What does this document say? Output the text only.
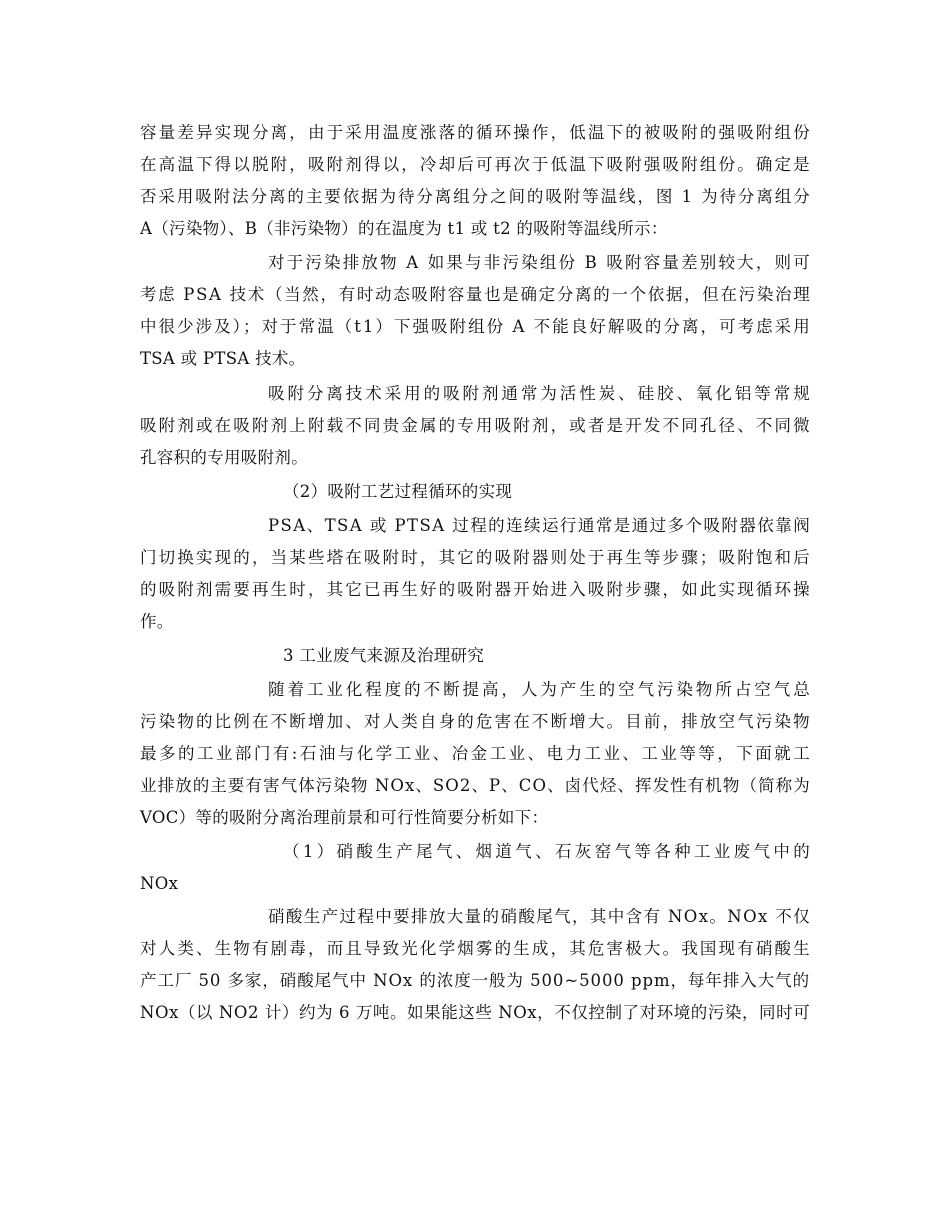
容量差异实现分离，由于采用温度涨落的循环操作，低温下的被吸附的强吸附组份
在高温下得以脱附，吸附剂得以，冷却后可再次于低温下吸附强吸附组份。确定是
否采用吸附法分离的主要依据为待分离组分之间的吸附等温线，图 1 为待分离组分
A（污染物）、B（非污染物）的在温度为 t1 或 t2 的吸附等温线所示：
对于污染排放物 A 如果与非污染组份 B 吸附容量差别较大，则可
考虑 PSA 技术（当然，有时动态吸附容量也是确定分离的一个依据，但在污染治理
中很少涉及）；对于常温（t1）下强吸附组份 A 不能良好解吸的分离，可考虑采用
TSA 或 PTSA 技术。
吸附分离技术采用的吸附剂通常为活性炭、硅胶、氧化铝等常规
吸附剂或在吸附剂上附载不同贵金属的专用吸附剂，或者是开发不同孔径、不同微
孔容积的专用吸附剂。
（2）吸附工艺过程循环的实现
PSA、TSA 或 PTSA 过程的连续运行通常是通过多个吸附器依靠阀
门切换实现的，当某些塔在吸附时，其它的吸附器则处于再生等步骤；吸附饱和后
的吸附剂需要再生时，其它已再生好的吸附器开始进入吸附步骤，如此实现循环操
作。
3 工业废气来源及治理研究
随着工业化程度的不断提高，人为产生的空气污染物所占空气总
污染物的比例在不断增加、对人类自身的危害在不断增大。目前，排放空气污染物
最多的工业部门有:石油与化学工业、冶金工业、电力工业、工业等等，下面就工
业排放的主要有害气体污染物 NOx、SO2、P、CO、卤代烃、挥发性有机物（简称为
VOC）等的吸附分离治理前景和可行性简要分析如下：
（1）硝酸生产尾气、烟道气、石灰窑气等各种工业废气中的
NOx
硝酸生产过程中要排放大量的硝酸尾气，其中含有 NOx。NOx 不仅
对人类、生物有剧毒，而且导致光化学烟雾的生成，其危害极大。我国现有硝酸生
产工厂 50 多家，硝酸尾气中 NOx 的浓度一般为 500~5000 ppm，每年排入大气的
NOx（以 NO2 计）约为 6 万吨。如果能这些 NOx，不仅控制了对环境的污染，同时可
